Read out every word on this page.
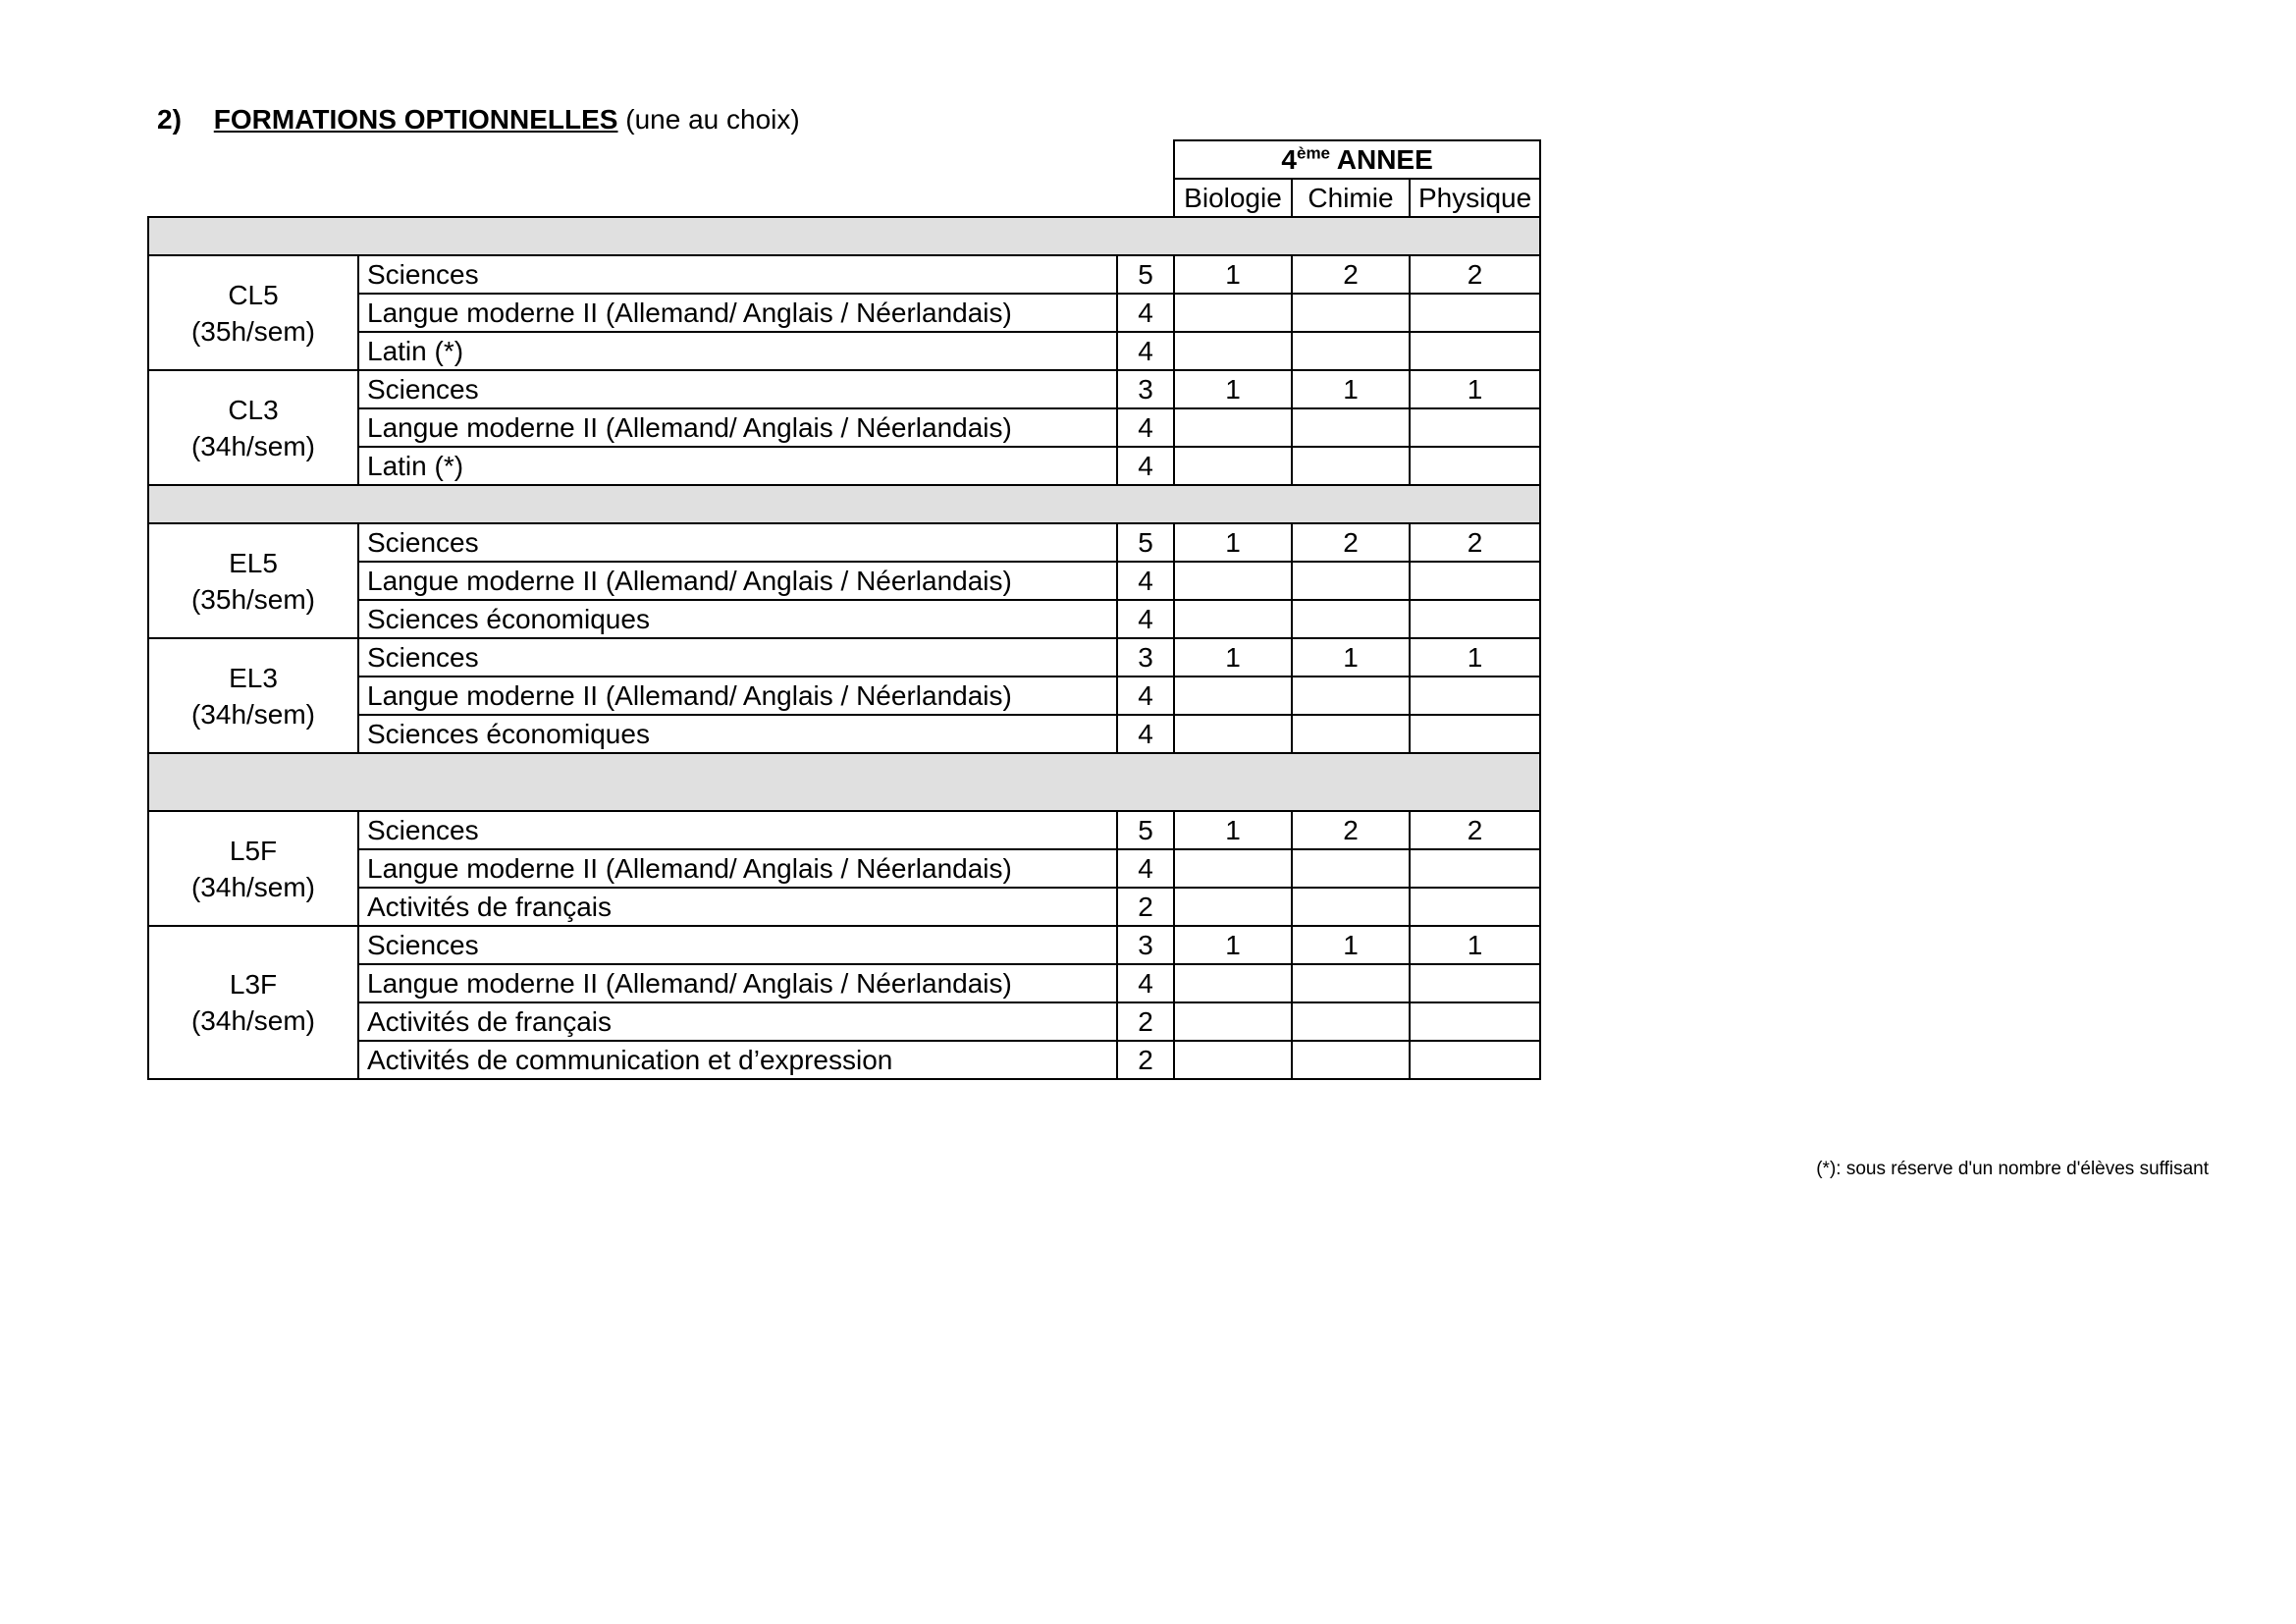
2) FORMATIONS OPTIONNELLES (une au choix)
			4ème ANNEE		
			Biologie	Chimie	Physique

CL5
(35h/sem)	Sciences	5	1	2	2
	Langue moderne II (Allemand/ Anglais / Néerlandais)	4			
	Latin (*)	4			

CL3
(34h/sem)	Sciences	3	1	1	1
	Langue moderne II (Allemand/ Anglais / Néerlandais)	4			
	Latin (*)	4			

EL5
(35h/sem)	Sciences	5	1	2	2
	Langue moderne II (Allemand/ Anglais / Néerlandais)	4			
	Sciences économiques	4			

EL3
(34h/sem)	Sciences	3	1	1	1
	Langue moderne II (Allemand/ Anglais / Néerlandais)	4			
	Sciences économiques	4			

L5F
(34h/sem)	Sciences	5	1	2	2
	Langue moderne II (Allemand/ Anglais / Néerlandais)	4			
	Activités de français	2			

L3F
(34h/sem)	Sciences	3	1	1	1
	Langue moderne II (Allemand/ Anglais / Néerlandais)	4			
	Activités de français	2			
	Activités de communication et d’expression	2			
(*): sous réserve d'un nombre d'élèves suffisant
